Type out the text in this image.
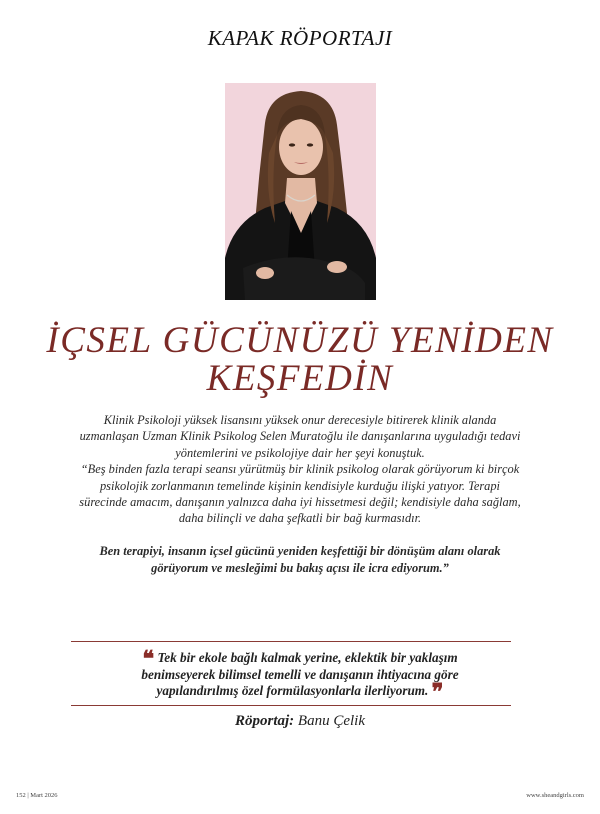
KAPAK RÖPORTAJI
İÇSEL GÜCÜNÜZÜ YENİDEN
KEŞFEDİN

Klinik Psikoloji yüksek lisansını yüksek onur derecesiyle bitirerek klinik alanda

uzmanlaşan Uzman Klinik Psikolog Selen Muratoğlu ile danışanlarına uyguladığı tedavi

yöntemlerini ve psikolojiye dair her şeyi konuştuk.

“Beş binden fazla terapi seansı yürütmüş bir klinik psikolog olarak görüyorum ki birçok

psikolojik zorlanmanın temelinde kişinin kendisiyle kurduğu ilişki yatıyor. Terapi

sürecinde amacım, danışanın yalnızca daha iyi hissetmesi değil; kendisiyle daha sağlam,

daha bilinçli ve daha şefkatli bir bağ kurmasıdır.

Ben terapiyi, insanın içsel gücünü yeniden keşfettiği bir dönüşüm alanı olarak
görüyorum ve mesleğimi bu bakış açısı ile icra ediyorum.”
❝ Tek bir ekole bağlı kalmak yerine, eklektik bir yaklaşım
benimseyerek bilimsel temelli ve danışanın ihtiyacına göre
yapılandırılmış özel formülasyonlarla ilerliyorum. ❞
Röportaj: Banu Çelik
152 | Mart 2026	www.sheandgirls.com
